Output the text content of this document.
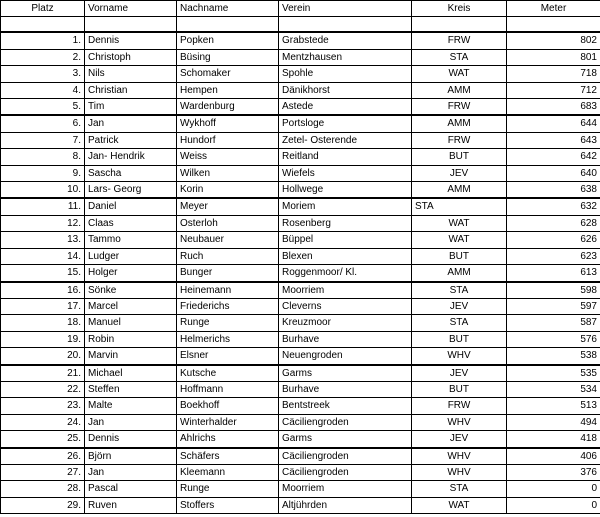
Platz	Vorname	Nachname	Verein	Kreis	Meter

1.	Dennis	Popken	Grabstede	FRW	802
2.	Christoph	Büsing	Mentzhausen	STA	801
3.	Nils	Schomaker	Spohle	WAT	718
4.	Christian	Hempen	Dänikhorst	AMM	712
5.	Tim	Wardenburg	Astede	FRW	683
6.	Jan	Wykhoff	Portsloge	AMM	644
7.	Patrick	Hundorf	Zetel- Osterende	FRW	643
8.	Jan- Hendrik	Weiss	Reitland	BUT	642
9.	Sascha	Wilken	Wiefels	JEV	640
10.	Lars- Georg	Korin	Hollwege	AMM	638
11.	Daniel	Meyer	Moriem	STA	632
12.	Claas	Osterloh	Rosenberg	WAT	628
13.	Tammo	Neubauer	Büppel	WAT	626
14.	Ludger	Ruch	Blexen	BUT	623
15.	Holger	Bunger	Roggenmoor/ Kl.	AMM	613
16.	Sönke	Heinemann	Moorriem	STA	598
17.	Marcel	Friederichs	Cleverns	JEV	597
18.	Manuel	Runge	Kreuzmoor	STA	587
19.	Robin	Helmerichs	Burhave	BUT	576
20.	Marvin	Elsner	Neuengroden	WHV	538
21.	Michael	Kutsche	Garms	JEV	535
22.	Steffen	Hoffmann	Burhave	BUT	534
23.	Malte	Boekhoff	Bentstreek	FRW	513
24.	Jan	Winterhalder	Cäciliengroden	WHV	494
25.	Dennis	Ahlrichs	Garms	JEV	418
26.	Björn	Schäfers	Cäciliengroden	WHV	406
27.	Jan	Kleemann	Cäciliengroden	WHV	376
28.	Pascal	Runge	Moorriem	STA	0
29.	Ruven	Stoffers	Altjührden	WAT	0
